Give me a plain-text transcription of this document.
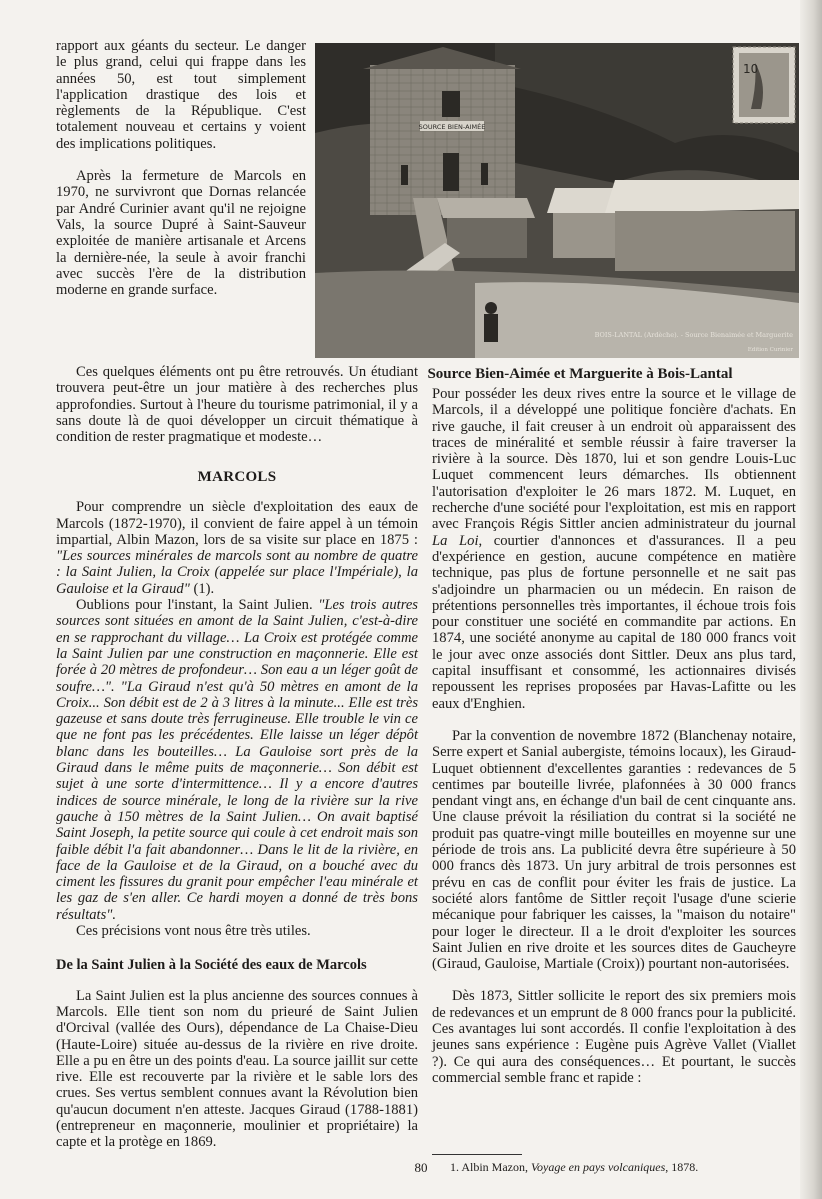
rapport aux géants du secteur. Le danger le plus grand, celui qui frappe dans les années 50, est tout simplement l'application drastique des lois et règlements de la République. C'est totalement nouveau et certains y voient des implications politiques.

Après la fermeture de Marcols en 1970, ne survivront que Dornas relancée par André Curinier avant qu'il ne rejoigne Vals, la source Dupré à Saint-Sauveur exploitée de manière artisanale et Arcens la dernière-née, la seule à avoir franchi avec succès l'ère de la distribution moderne en grande surface.

SOURCE BIEN-AIMÉE
10
BOIS-LANTAL (Ardèche). - Source Bienaimée et Marguerite
Edition Curinier
Source Bien-Aimée et Marguerite à Bois-Lantal

Ces quelques éléments ont pu être retrouvés. Un étudiant trouvera peut-être un jour matière à des recherches plus approfondies. Surtout à l'heure du tourisme patrimonial, il y a sans doute là de quoi développer un circuit thématique à condition de rester pragmatique et modeste…

MARCOLS

Pour comprendre un siècle d'exploitation des eaux de Marcols (1872-1970), il convient de faire appel à un témoin impartial, Albin Mazon, lors de sa visite sur place en 1875 : "Les sources minérales de marcols sont au nombre de quatre : la Saint Julien, la Croix (appelée sur place l'Impériale), la Gauloise et la Giraud" (1).

Oublions pour l'instant, la Saint Julien. "Les trois autres sources sont situées en amont de la Saint Julien, c'est-à-dire en se rapprochant du village… La Croix est protégée comme la Saint Julien par une construction en maçonnerie. Elle est forée à 20 mètres de profondeur… Son eau a un léger goût de soufre…". "La Giraud n'est qu'à 50 mètres en amont de la Croix... Son débit est de 2 à 3 litres à la minute... Elle est très gazeuse et sans doute très ferrugineuse. Elle trouble le vin ce que ne font pas les précédentes. Elle laisse un léger dépôt blanc dans les bouteilles… La Gauloise sort près de la Giraud dans le même puits de maçonnerie… Son débit est sujet à une sorte d'intermittence… Il y a encore d'autres indices de source minérale, le long de la rivière sur la rive gauche à 150 mètres de la Saint Julien… On avait baptisé Saint Joseph, la petite source qui coule à cet endroit mais son faible débit l'a fait abandonner… Dans le lit de la rivière, en face de la Gauloise et de la Giraud, on a bouché avec du ciment les fissures du granit pour empêcher l'eau minérale et les gaz de s'en aller. Ce hardi moyen a donné de très bons résultats".

Ces précisions vont nous être très utiles.

De la Saint Julien à la Société des eaux de Marcols

La Saint Julien est la plus ancienne des sources connues à Marcols. Elle tient son nom du prieuré de Saint Julien d'Orcival (vallée des Ours), dépendance de La Chaise-Dieu (Haute-Loire) située au-dessus de la rivière en rive droite. Elle a pu en être un des points d'eau. La source jaillit sur cette rive. Elle est recouverte par la rivière et le sable lors des crues. Ses vertus semblent connues avant la Révolution bien qu'aucun document n'en atteste. Jacques Giraud (1788-1881) (entrepreneur en maçonnerie, moulinier et propriétaire) la capte et la protège en 1869.

Pour posséder les deux rives entre la source et le village de Marcols, il a développé une politique foncière d'achats. En rive gauche, il fait creuser à un endroit où apparaissent des traces de minéralité et semble réussir à faire traverser la rivière à la source. Dès 1870, lui et son gendre Louis-Luc Luquet commencent leurs démarches. Ils obtiennent l'autorisation d'exploiter le 26 mars 1872. M. Luquet, en recherche d'une société pour l'exploitation, est mis en rapport avec François Régis Sittler ancien administrateur du journal La Loi, courtier d'annonces et d'assurances. Il a peu d'expérience en gestion, aucune compétence en matière technique, pas plus de fortune personnelle et ne sait pas s'adjoindre un pharmacien ou un médecin. En raison de prétentions personnelles très importantes, il échoue trois fois pour constituer une société en commandite par actions. En 1874, une société anonyme au capital de 180 000 francs voit le jour avec onze associés dont Sittler. Deux ans plus tard, capital insuffisant et consommé, les actionnaires divisés repoussent les reprises proposées par Havas-Lafitte ou les eaux d'Enghien.

Par la convention de novembre 1872 (Blanchenay notaire, Serre expert et Sanial aubergiste, témoins locaux), les Giraud-Luquet obtiennent d'excellentes garanties : redevances de 5 centimes par bouteille livrée, plafonnées à 30 000 francs pendant vingt ans, en échange d'un bail de cent cinquante ans. Une clause prévoit la résiliation du contrat si la société ne produit pas quatre-vingt mille bouteilles en moyenne sur une période de trois ans. La publicité devra être supérieure à 50 000 francs dès 1873. Un jury arbitral de trois personnes est prévu en cas de conflit pour éviter les frais de justice. La société alors fantôme de Sittler reçoit l'usage d'une scierie mécanique pour fabriquer les caisses, la "maison du notaire" pour loger le directeur. Il a le droit d'exploiter les sources Saint Julien en rive droite et les sources dites de Gaucheyre (Giraud, Gauloise, Martiale (Croix)) pourtant non-autorisées.

Dès 1873, Sittler sollicite le report des six premiers mois de redevances et un emprunt de 8 000 francs pour la publicité. Ces avantages lui sont accordés. Il confie l'exploitation à des jeunes sans expérience : Eugène puis Agrève Vallet (Viallet ?). Ce qui aura des conséquences… Et pourtant, le succès commercial semble franc et rapide :

1. Albin Mazon, Voyage en pays volcaniques, 1878.
80
